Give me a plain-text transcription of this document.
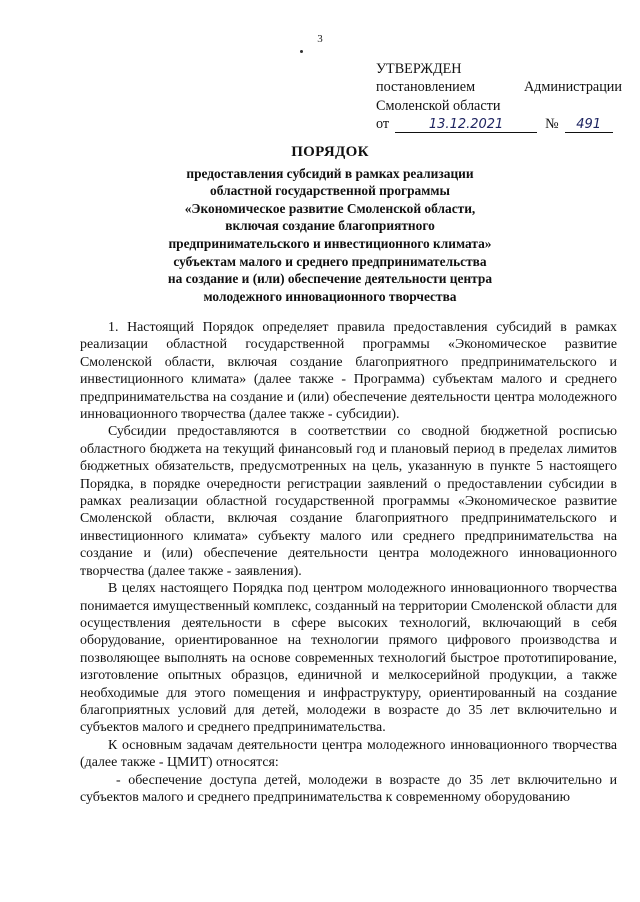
3
УТВЕРЖДЕН
постановлением	Администрации
Смоленской области
от	13.12.2021	№	491
ПОРЯДОК
предоставления субсидий в рамках реализации
областной государственной программы
«Экономическое развитие Смоленской области,
включая создание благоприятного
предпринимательского и инвестиционного климата»
субъектам малого и среднего предпринимательства
на создание и (или) обеспечение деятельности центра
молодежного инновационного творчества

1. Настоящий Порядок определяет правила предоставления субсидий в рамках реализации областной государственной программы «Экономическое развитие Смоленской области, включая создание благоприятного предпринимательского и инвестиционного климата» (далее также - Программа) субъектам малого и среднего предпринимательства на создание и (или) обеспечение деятельности центра молодежного инновационного творчества (далее также - субсидии).

Субсидии предоставляются в соответствии со сводной бюджетной росписью областного бюджета на текущий финансовый год и плановый период в пределах лимитов бюджетных обязательств, предусмотренных на цель, указанную в пункте 5 настоящего Порядка, в порядке очередности регистрации заявлений о предоставлении субсидии в рамках реализации областной государственной программы «Экономическое развитие Смоленской области, включая создание благоприятного предпринимательского и инвестиционного климата» субъекту малого или среднего предпринимательства на создание и (или) обеспечение деятельности центра молодежного инновационного творчества (далее также - заявления).

В целях настоящего Порядка под центром молодежного инновационного творчества понимается имущественный комплекс, созданный на территории Смоленской области для осуществления деятельности в сфере высоких технологий, включающий в себя оборудование, ориентированное на технологии прямого цифрового производства и позволяющее выполнять на основе современных технологий быстрое прототипирование, изготовление опытных образцов, единичной и мелкосерийной продукции, а также необходимые для этого помещения и инфраструктуру, ориентированный на создание благоприятных условий для детей, молодежи в возрасте до 35 лет включительно и субъектов малого и среднего предпринимательства.

К основным задачам деятельности центра молодежного инновационного творчества (далее также - ЦМИТ) относятся:

- обеспечение доступа детей, молодежи в возрасте до 35 лет включительно и субъектов малого и среднего предпринимательства к современному оборудованию
